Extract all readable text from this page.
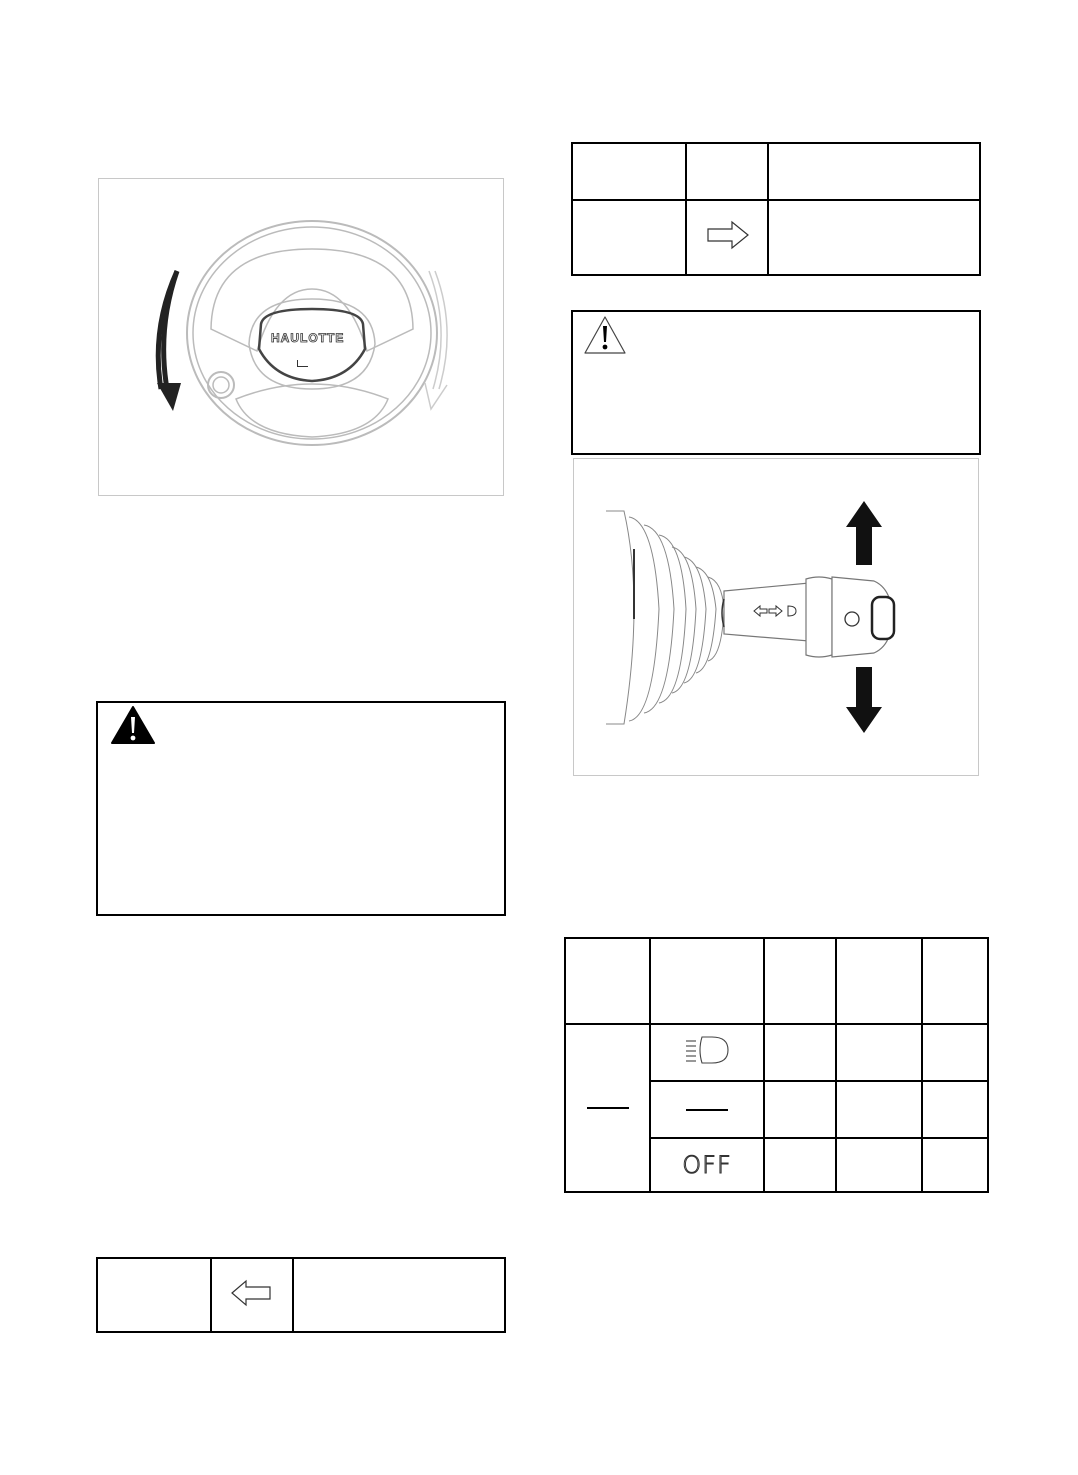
HAULOTTE

	OFF			
